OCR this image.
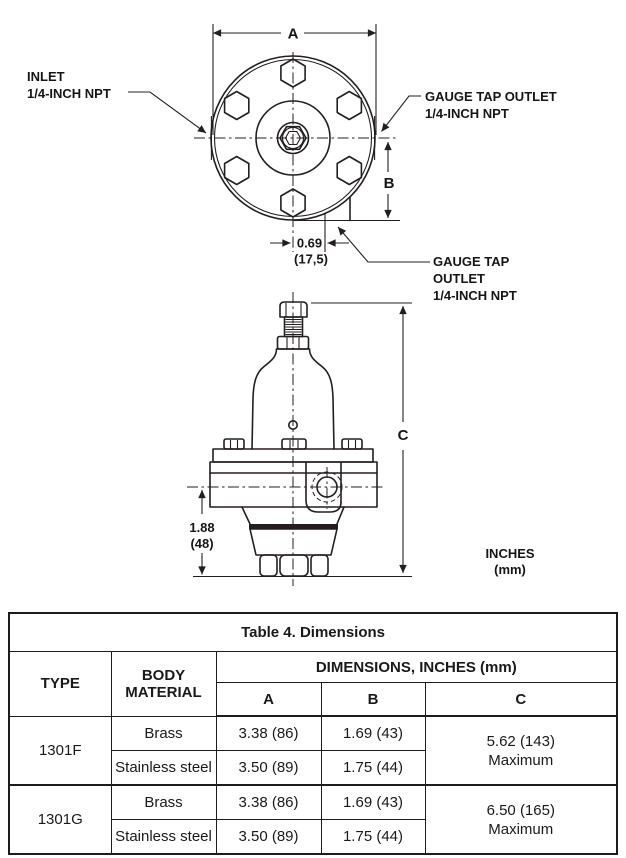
A
B
0.69
(17,5)
INLET
1/4-INCH NPT	GAUGE TAP OUTLET
1/4-INCH NPT
GAUGE TAP
OUTLET
1/4-INCH NPT
C
1.88
(48)
INCHES
(mm)
Table 4. Dimensions				
TYPE	BODY MATERIAL	DIMENSIONS, INCHES (mm)		
		A	B	C
1301F	Brass	3.38 (86)	1.69 (43)	5.62 (143)
Maximum

	Stainless steel	3.50 (89)	1.75 (44)	
1301G	Brass	3.38 (86)	1.69 (43)	6.50 (165)
Maximum

	Stainless steel	3.50 (89)	1.75 (44)	
